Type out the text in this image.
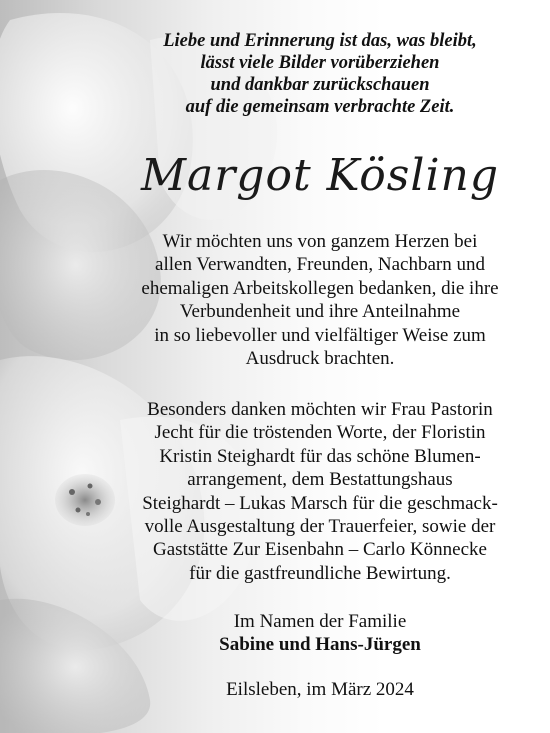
Liebe und Erinnerung ist das, was bleibt,
lässt viele Bilder vorüberziehen
und dankbar zurückschauen
auf die gemeinsam verbrachte Zeit.
Margot Kösling
Wir möchten uns von ganzem Herzen bei
allen Verwandten, Freunden, Nachbarn und
ehemaligen Arbeitskollegen bedanken, die ihre
Verbundenheit und ihre Anteilnahme
in so liebevoller und vielfältiger Weise zum
Ausdruck brachten.
Besonders danken möchten wir Frau Pastorin
Jecht für die tröstenden Worte, der Floristin
Kristin Steighardt für das schöne Blumen-
arrangement, dem Bestattungshaus
Steighardt – Lukas Marsch für die geschmack-
volle Ausgestaltung der Trauerfeier, sowie der
Gaststätte Zur Eisenbahn – Carlo Könnecke
für die gastfreundliche Bewirtung.
Im Namen der Familie
Sabine und Hans-Jürgen
Eilsleben, im März 2024
